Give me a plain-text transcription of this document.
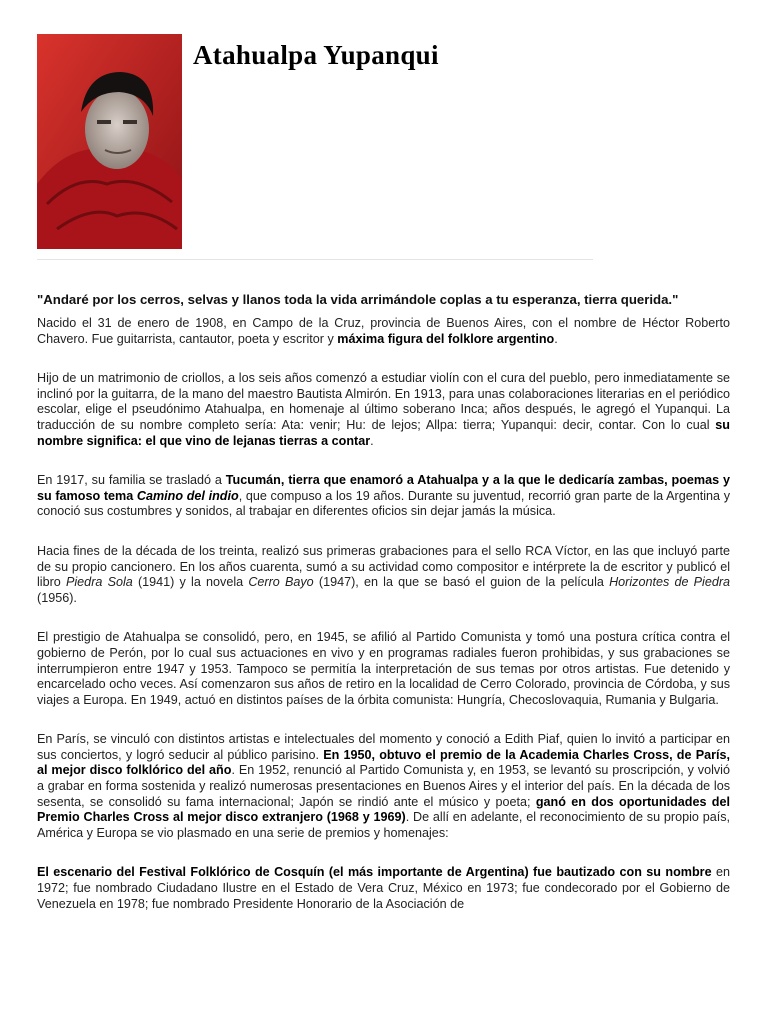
Atahualpa Yupanqui

"Andaré por los cerros, selvas y llanos toda la vida arrimándole coplas a tu esperanza, tierra querida."

Nacido el 31 de enero de 1908, en Campo de la Cruz, provincia de Buenos Aires, con el nombre de Héctor Roberto Chavero. Fue guitarrista, cantautor, poeta y escritor y máxima figura del folklore argentino.

Hijo de un matrimonio de criollos, a los seis años comenzó a estudiar violín con el cura del pueblo, pero inmediatamente se inclinó por la guitarra, de la mano del maestro Bautista Almirón. En 1913, para unas colaboraciones literarias en el periódico escolar, elige el pseudónimo Atahualpa, en homenaje al último soberano Inca; años después, le agregó el Yupanqui. La traducción de su nombre completo sería: Ata: venir; Hu: de lejos; Allpa: tierra; Yupanqui: decir, contar. Con lo cual su nombre significa: el que vino de lejanas tierras a contar.

En 1917, su familia se trasladó a Tucumán, tierra que enamoró a Atahualpa y a la que le dedicaría zambas, poemas y su famoso tema Camino del indio, que compuso a los 19 años. Durante su juventud, recorrió gran parte de la Argentina y conoció sus costumbres y sonidos, al trabajar en diferentes oficios sin dejar jamás la música.

Hacia fines de la década de los treinta, realizó sus primeras grabaciones para el sello RCA Víctor, en las que incluyó parte de su propio cancionero. En los años cuarenta, sumó a su actividad como compositor e intérprete la de escritor y publicó el libro Piedra Sola (1941) y la novela Cerro Bayo (1947), en la que se basó el guion de la película Horizontes de Piedra (1956).

El prestigio de Atahualpa se consolidó, pero, en 1945, se afilió al Partido Comunista y tomó una postura crítica contra el gobierno de Perón, por lo cual sus actuaciones en vivo y en programas radiales fueron prohibidas, y sus grabaciones se interrumpieron entre 1947 y 1953. Tampoco se permitía la interpretación de sus temas por otros artistas. Fue detenido y encarcelado ocho veces. Así comenzaron sus años de retiro en la localidad de Cerro Colorado, provincia de Córdoba, y sus viajes a Europa. En 1949, actuó en distintos países de la órbita comunista: Hungría, Checoslovaquia, Rumania y Bulgaria.

En París, se vinculó con distintos artistas e intelectuales del momento y conoció a Edith Piaf, quien lo invitó a participar en sus conciertos, y logró seducir al público parisino. En 1950, obtuvo el premio de la Academia Charles Cross, de París, al mejor disco folklórico del año. En 1952, renunció al Partido Comunista y, en 1953, se levantó su proscripción, y volvió a grabar en forma sostenida y realizó numerosas presentaciones en Buenos Aires y el interior del país. En la década de los sesenta, se consolidó su fama internacional; Japón se rindió ante el músico y poeta; ganó en dos oportunidades del Premio Charles Cross al mejor disco extranjero (1968 y 1969). De allí en adelante, el reconocimiento de su propio país, América y Europa se vio plasmado en una serie de premios y homenajes:

El escenario del Festival Folklórico de Cosquín (el más importante de Argentina) fue bautizado con su nombre en 1972; fue nombrado Ciudadano Ilustre en el Estado de Vera Cruz, México en 1973; fue condecorado por el Gobierno de Venezuela en 1978; fue nombrado Presidente Honorario de la Asociación de
